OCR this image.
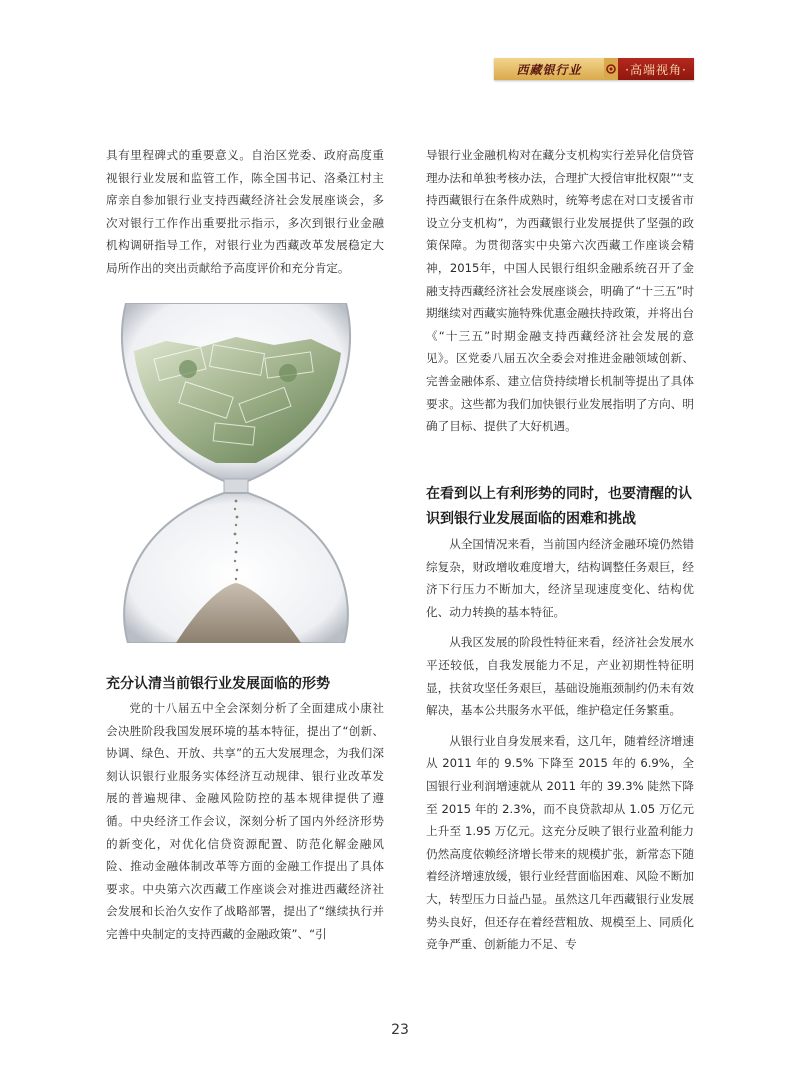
西藏银行业	·高端视角·

具有里程碑式的重要意义。自治区党委、政府高度重视银行业发展和监管工作，陈全国书记、洛桑江村主席亲自参加银行业支持西藏经济社会发展座谈会，多次对银行工作作出重要批示指示，多次到银行业金融机构调研指导工作，对银行业为西藏改革发展稳定大局所作出的突出贡献给予高度评价和充分肯定。

充分认清当前银行业发展面临的形势

党的十八届五中全会深刻分析了全面建成小康社会决胜阶段我国发展环境的基本特征，提出了“创新、协调、绿色、开放、共享”的五大发展理念，为我们深刻认识银行业服务实体经济互动规律、银行业改革发展的普遍规律、金融风险防控的基本规律提供了遵循。中央经济工作会议，深刻分析了国内外经济形势的新变化，对优化信贷资源配置、防范化解金融风险、推动金融体制改革等方面的金融工作提出了具体要求。中央第六次西藏工作座谈会对推进西藏经济社会发展和长治久安作了战略部署，提出了“继续执行并完善中央制定的支持西藏的金融政策”、“引

导银行业金融机构对在藏分支机构实行差异化信贷管理办法和单独考核办法，合理扩大授信审批权限”“支持西藏银行在条件成熟时，统筹考虑在对口支援省市设立分支机构”，为西藏银行业发展提供了坚强的政策保障。为贯彻落实中央第六次西藏工作座谈会精神，2015年，中国人民银行组织金融系统召开了金融支持西藏经济社会发展座谈会，明确了“十三五”时期继续对西藏实施特殊优惠金融扶持政策，并将出台《“十三五”时期金融支持西藏经济社会发展的意见》。区党委八届五次全委会对推进金融领域创新、完善金融体系、建立信贷持续增长机制等提出了具体要求。这些都为我们加快银行业发展指明了方向、明确了目标、提供了大好机遇。

在看到以上有利形势的同时，也要清醒的认识到银行业发展面临的困难和挑战

从全国情况来看，当前国内经济金融环境仍然错综复杂，财政增收难度增大，结构调整任务艰巨，经济下行压力不断加大，经济呈现速度变化、结构优化、动力转换的基本特征。

从我区发展的阶段性特征来看，经济社会发展水平还较低，自我发展能力不足，产业初期性特征明显，扶贫攻坚任务艰巨，基础设施瓶颈制约仍未有效解决，基本公共服务水平低，维护稳定任务繁重。

从银行业自身发展来看，这几年，随着经济增速从 2011 年的 9.5% 下降至 2015 年的 6.9%，全国银行业利润增速就从 2011 年的 39.3% 陡然下降至 2015 年的 2.3%，而不良贷款却从 1.05 万亿元上升至 1.95 万亿元。这充分反映了银行业盈利能力仍然高度依赖经济增长带来的规模扩张，新常态下随着经济增速放缓，银行业经营面临困难、风险不断加大，转型压力日益凸显。虽然这几年西藏银行业发展势头良好，但还存在着经营粗放、规模至上、同质化竞争严重、创新能力不足、专

23
